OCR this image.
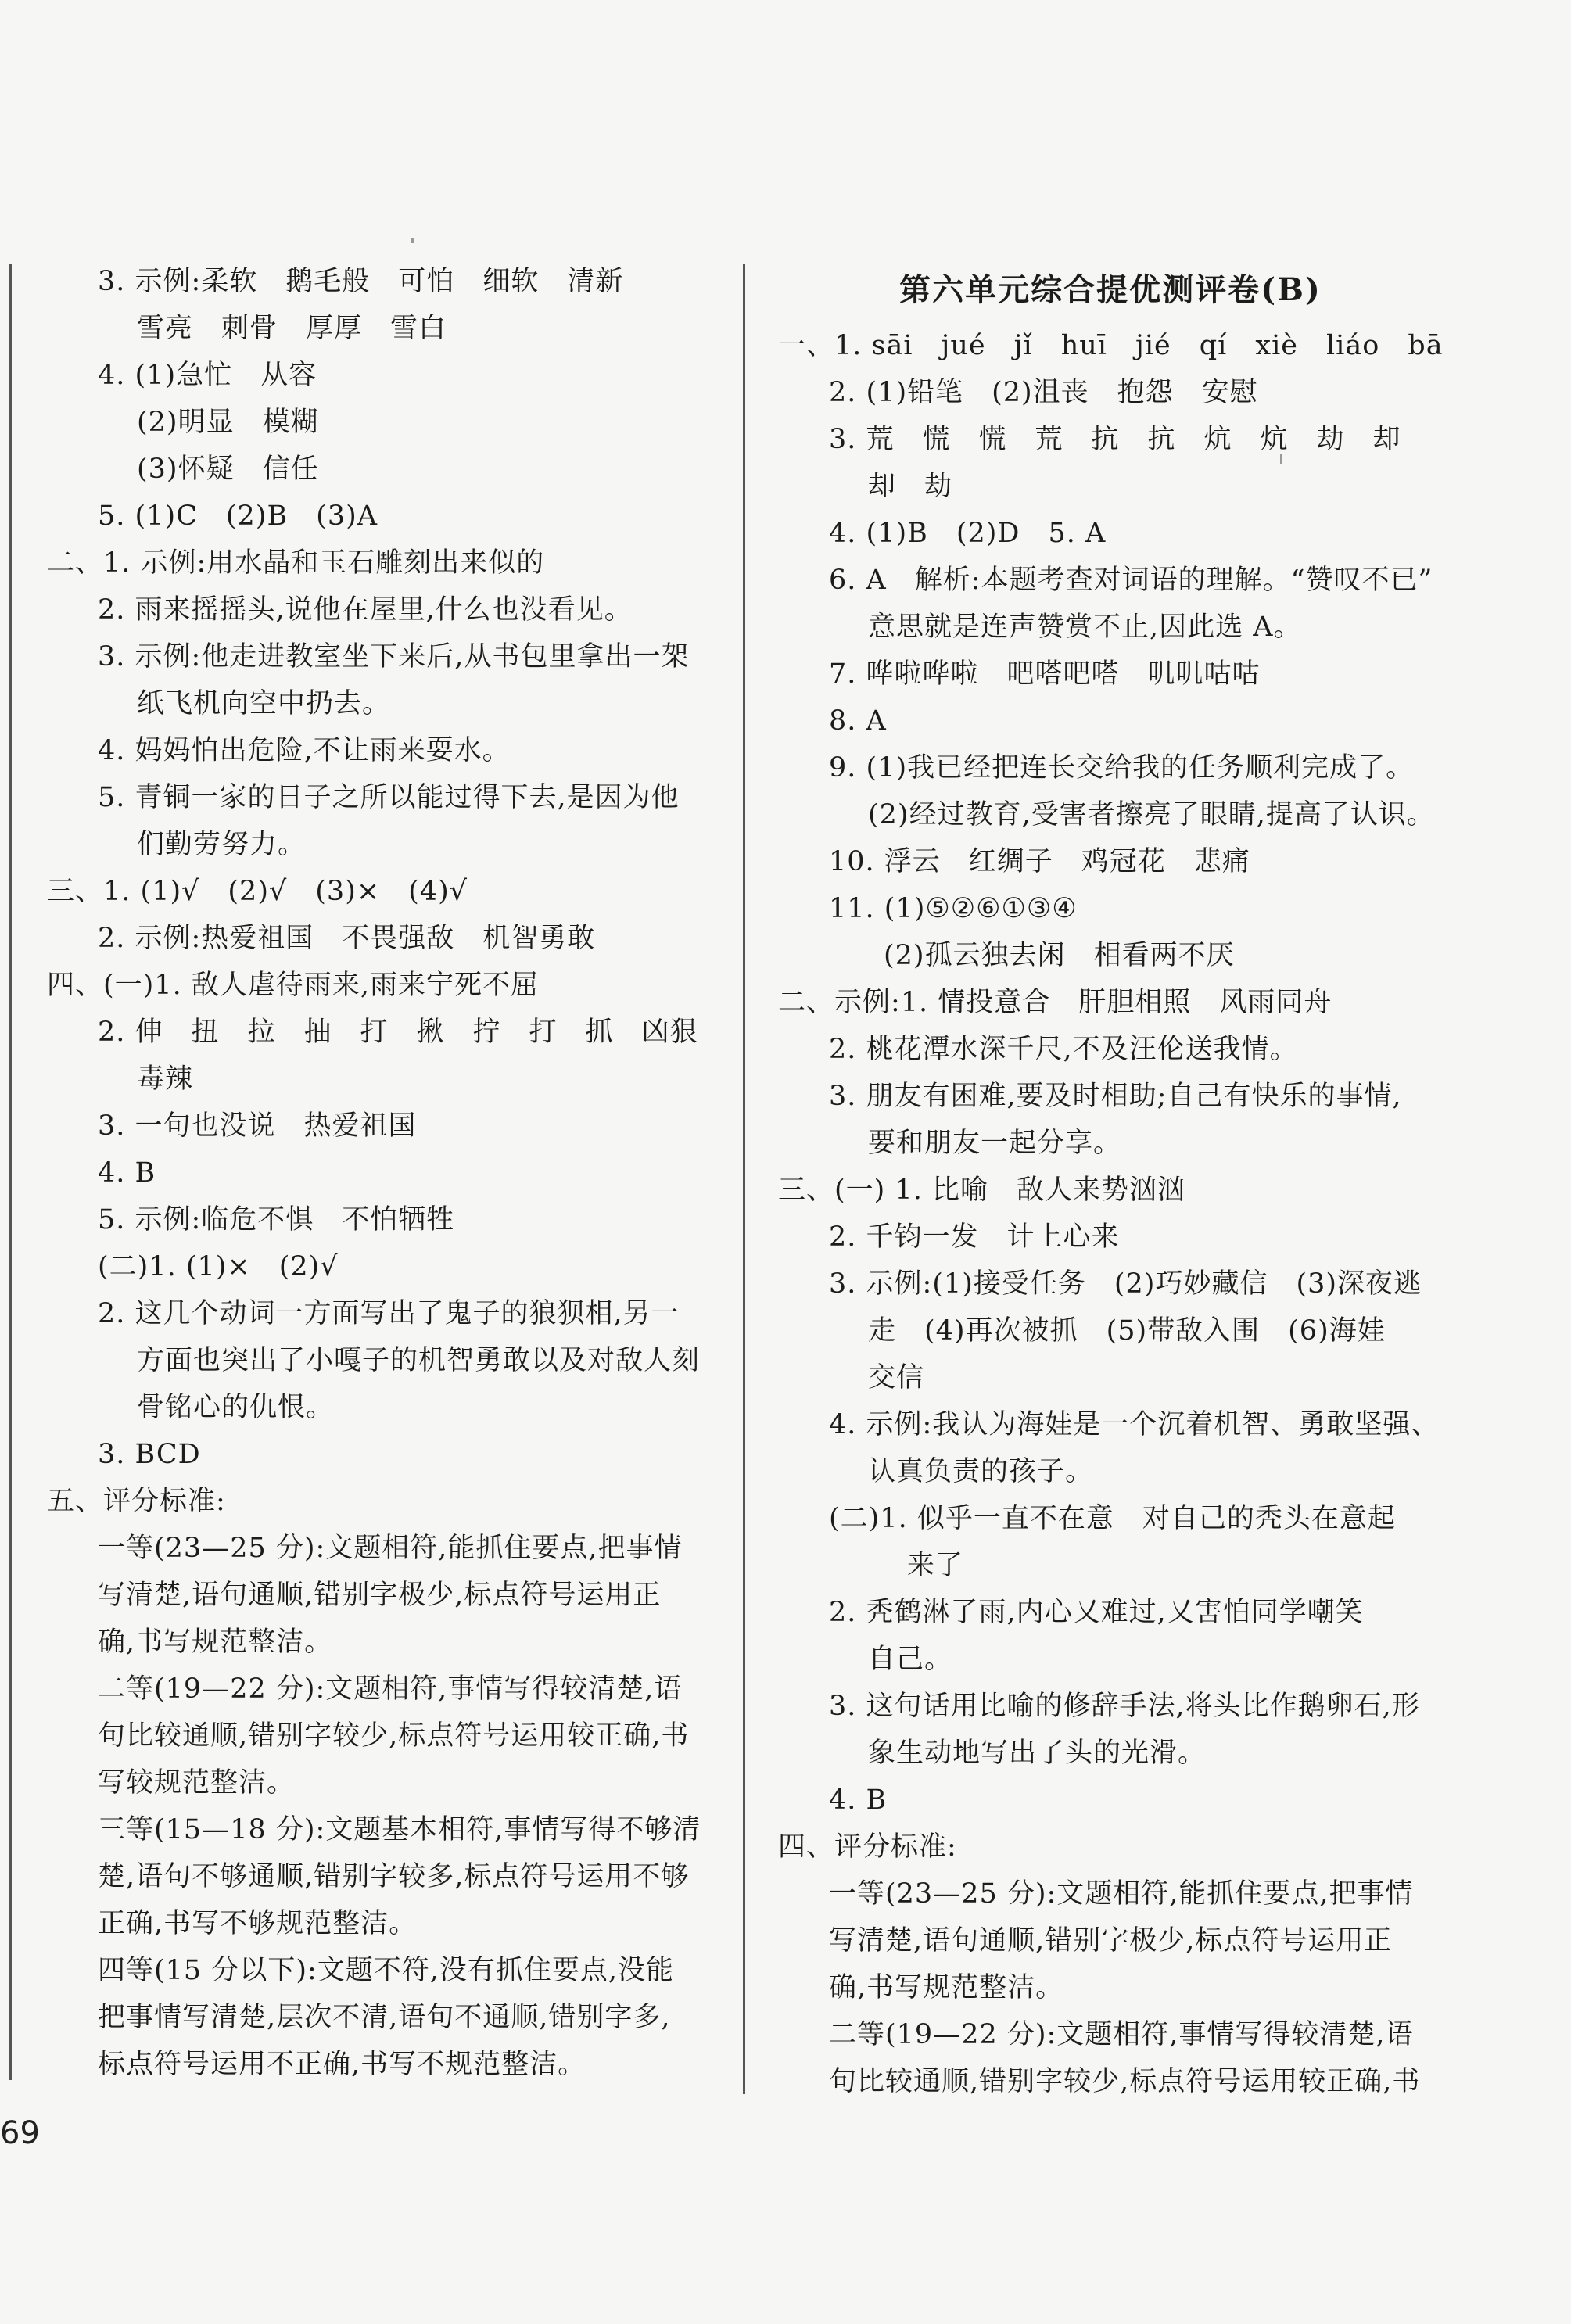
3. 示例:柔软　鹅毛般　可怕　细软　清新
雪亮　刺骨　厚厚　雪白
4. (1)急忙　从容
(2)明显　模糊
(3)怀疑　信任
5. (1)C　(2)B　(3)A
二、1. 示例:用水晶和玉石雕刻出来似的
2. 雨来摇摇头,说他在屋里,什么也没看见。
3. 示例:他走进教室坐下来后,从书包里拿出一架
纸飞机向空中扔去。
4. 妈妈怕出危险,不让雨来耍水。
5. 青铜一家的日子之所以能过得下去,是因为他
们勤劳努力。
三、1. (1)√　(2)√　(3)×　(4)√
2. 示例:热爱祖国　不畏强敌　机智勇敢
四、(一)1. 敌人虐待雨来,雨来宁死不屈
2. 伸　扭　拉　抽　打　揪　拧　打　抓　凶狠
毒辣
3. 一句也没说　热爱祖国
4. B
5. 示例:临危不惧　不怕牺牲
(二)1. (1)×　(2)√
2. 这几个动词一方面写出了鬼子的狼狈相,另一
方面也突出了小嘎子的机智勇敢以及对敌人刻
骨铭心的仇恨。
3. BCD
五、评分标准:
一等(23—25 分):文题相符,能抓住要点,把事情
写清楚,语句通顺,错别字极少,标点符号运用正
确,书写规范整洁。
二等(19—22 分):文题相符,事情写得较清楚,语
句比较通顺,错别字较少,标点符号运用较正确,书
写较规范整洁。
三等(15—18 分):文题基本相符,事情写得不够清
楚,语句不够通顺,错别字较多,标点符号运用不够
正确,书写不够规范整洁。
四等(15 分以下):文题不符,没有抓住要点,没能
把事情写清楚,层次不清,语句不通顺,错别字多,
标点符号运用不正确,书写不规范整洁。
第六单元综合提优测评卷(B)
一、1. sāi　jué　jǐ　huī　jié　qí　xiè　liáo　bā
2. (1)铅笔　(2)沮丧　抱怨　安慰
3. 荒　慌　慌　荒　抗　抗　炕　炕　劫　却
却　劫
4. (1)B　(2)D　5. A
6. A　解析:本题考查对词语的理解。“赞叹不已”
意思就是连声赞赏不止,因此选 A。
7. 哗啦哗啦　吧嗒吧嗒　叽叽咕咕
8. A
9. (1)我已经把连长交给我的任务顺利完成了。
(2)经过教育,受害者擦亮了眼睛,提高了认识。
10. 浮云　红绸子　鸡冠花　悲痛
11. (1)⑤②⑥①③④
(2)孤云独去闲　相看两不厌
二、示例:1. 情投意合　肝胆相照　风雨同舟
2. 桃花潭水深千尺,不及汪伦送我情。
3. 朋友有困难,要及时相助;自己有快乐的事情,
要和朋友一起分享。
三、(一) 1. 比喻　敌人来势汹汹
2. 千钧一发　计上心来
3. 示例:(1)接受任务　(2)巧妙藏信　(3)深夜逃
走　(4)再次被抓　(5)带敌入围　(6)海娃
交信
4. 示例:我认为海娃是一个沉着机智、勇敢坚强、
认真负责的孩子。
(二)1. 似乎一直不在意　对自己的秃头在意起
来了
2. 秃鹤淋了雨,内心又难过,又害怕同学嘲笑
自己。
3. 这句话用比喻的修辞手法,将头比作鹅卵石,形
象生动地写出了头的光滑。
4. B
四、评分标准:
一等(23—25 分):文题相符,能抓住要点,把事情
写清楚,语句通顺,错别字极少,标点符号运用正
确,书写规范整洁。
二等(19—22 分):文题相符,事情写得较清楚,语
句比较通顺,错别字较少,标点符号运用较正确,书
69
